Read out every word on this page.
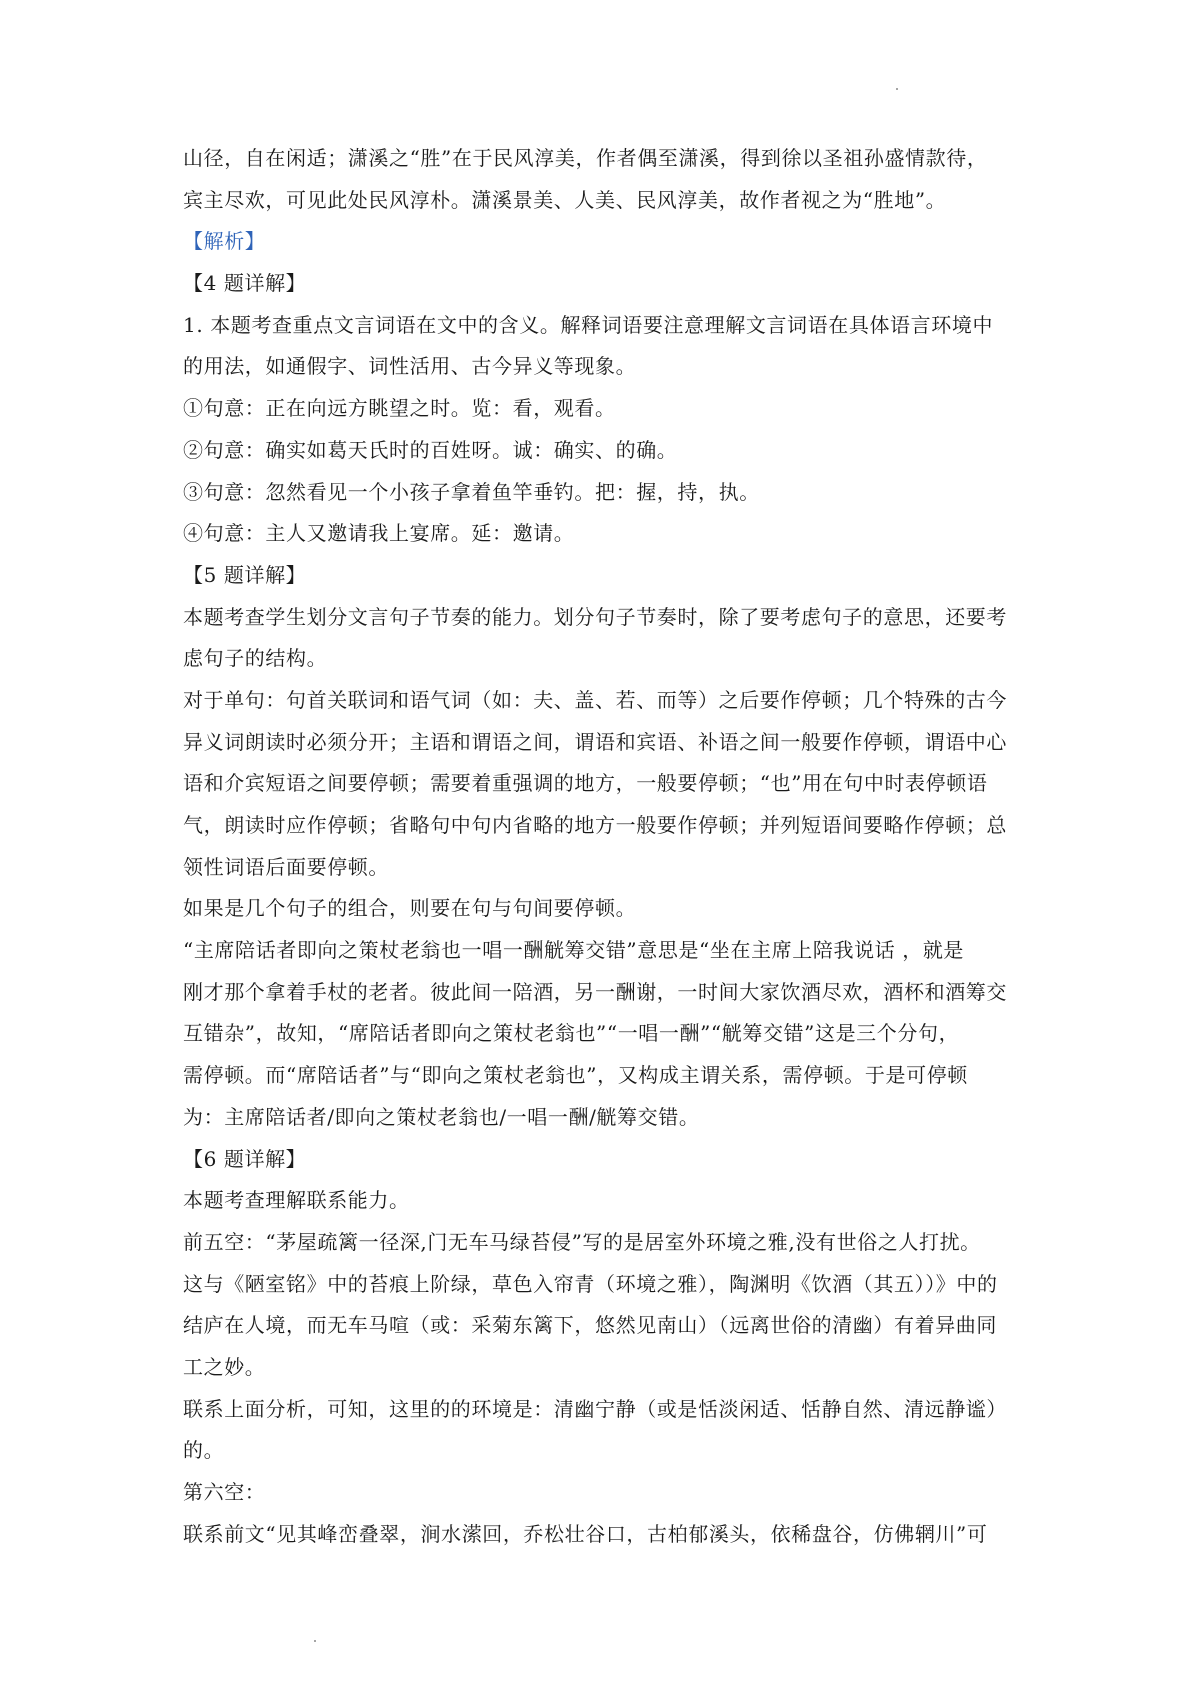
山径，自在闲适；潇溪之“胜”在于民风淳美，作者偶至潇溪，得到徐以圣祖孙盛情款待，
宾主尽欢，可见此处民风淳朴。潇溪景美、人美、民风淳美，故作者视之为“胜地”。
【解析】
【4 题详解】
1. 本题考查重点文言词语在文中的含义。解释词语要注意理解文言词语在具体语言环境中
的用法，如通假字、词性活用、古今异义等现象。
①句意：正在向远方眺望之时。览：看，观看。
②句意：确实如葛天氏时的百姓呀。诚：确实、的确。
③句意：忽然看见一个小孩子拿着鱼竿垂钓。把：握，持，执。
④句意：主人又邀请我上宴席。延：邀请。
【5 题详解】
本题考查学生划分文言句子节奏的能力。划分句子节奏时，除了要考虑句子的意思，还要考
虑句子的结构。
对于单句：句首关联词和语气词（如：夫、盖、若、而等）之后要作停顿；几个特殊的古今
异义词朗读时必须分开；主语和谓语之间，谓语和宾语、补语之间一般要作停顿，谓语中心
语和介宾短语之间要停顿；需要着重强调的地方，一般要停顿；“也”用在句中时表停顿语
气，朗读时应作停顿；省略句中句内省略的地方一般要作停顿；并列短语间要略作停顿；总
领性词语后面要停顿。
如果是几个句子的组合，则要在句与句间要停顿。
“主席陪话者即向之策杖老翁也一唱一酬觥筹交错”意思是“坐在主席上陪我说话 ，就是
刚才那个拿着手杖的老者。彼此间一陪酒，另一酬谢，一时间大家饮酒尽欢，酒杯和酒筹交
互错杂”，故知，“席陪话者即向之策杖老翁也”“一唱一酬”“觥筹交错”这是三个分句，
需停顿。而“席陪话者”与“即向之策杖老翁也”，又构成主谓关系，需停顿。于是可停顿
为：主席陪话者/即向之策杖老翁也/一唱一酬/觥筹交错。
【6 题详解】
本题考查理解联系能力。
前五空：“茅屋疏篱一径深,门无车马绿苔侵”写的是居室外环境之雅,没有世俗之人打扰。
这与《陋室铭》中的苔痕上阶绿，草色入帘青（环境之雅），陶渊明《饮酒（其五））》中的
结庐在人境，而无车马喧（或：采菊东篱下，悠然见南山）（远离世俗的清幽）有着异曲同
工之妙。
联系上面分析，可知，这里的的环境是：清幽宁静（或是恬淡闲适、恬静自然、清远静谧）
的。
第六空：
联系前文“见其峰峦叠翠，涧水潆回，乔松壮谷口，古柏郁溪头，依稀盘谷，仿佛辋川”可
